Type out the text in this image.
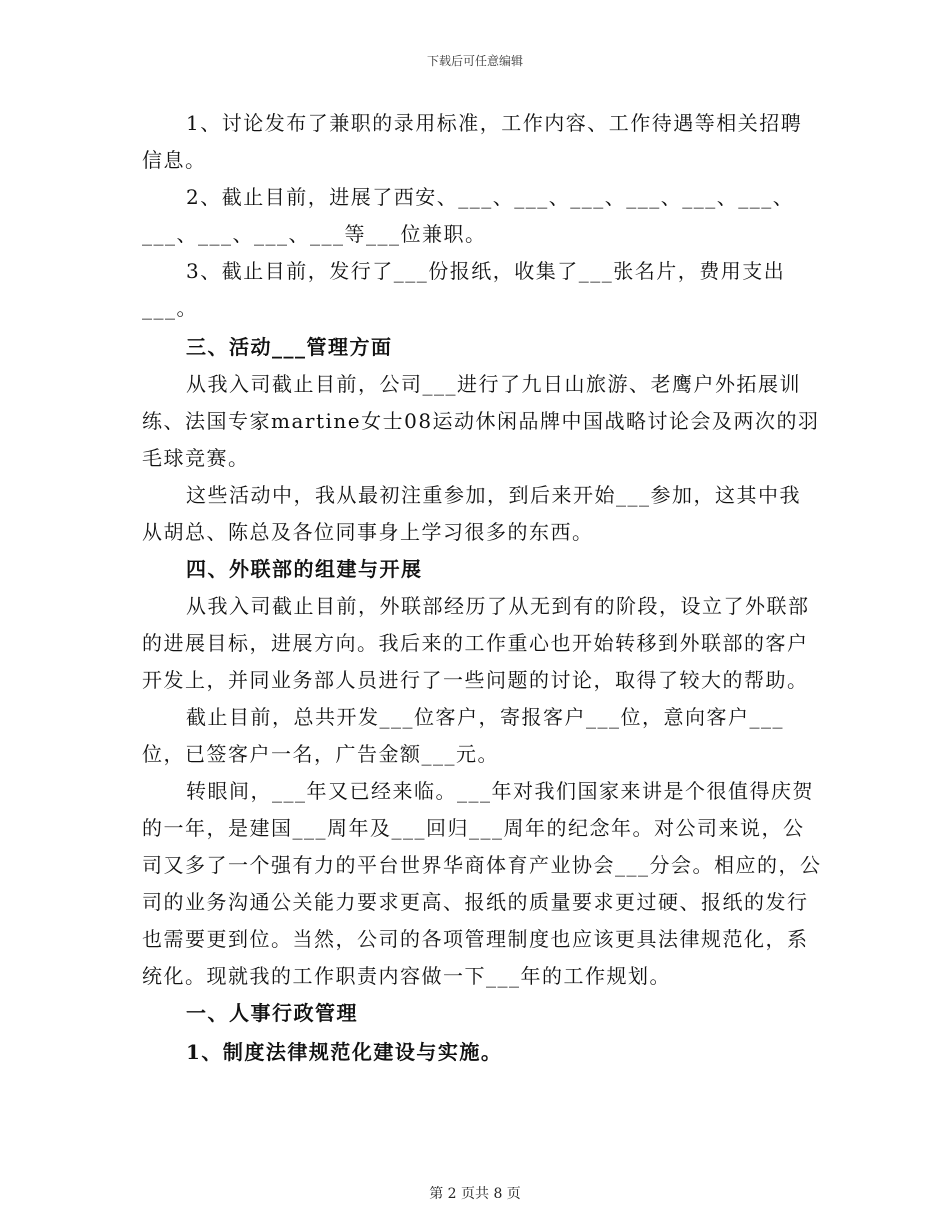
下载后可任意编辑

1、讨论发布了兼职的录用标准，工作内容、工作待遇等相关招聘信息。

2、截止目前，进展了西安、___、___、___、___、___、___、___、___、___、___等___位兼职。

3、截止目前，发行了___份报纸，收集了___张名片，费用支出___。

三、活动___管理方面

从我入司截止目前，公司___进行了九日山旅游、老鹰户外拓展训练、法国专家martine女士08运动休闲品牌中国战略讨论会及两次的羽毛球竞赛。

这些活动中，我从最初注重参加，到后来开始___参加，这其中我从胡总、陈总及各位同事身上学习很多的东西。

四、外联部的组建与开展

从我入司截止目前，外联部经历了从无到有的阶段，设立了外联部的进展目标，进展方向。我后来的工作重心也开始转移到外联部的客户开发上，并同业务部人员进行了一些问题的讨论，取得了较大的帮助。

截止目前，总共开发___位客户，寄报客户___位，意向客户___位，已签客户一名，广告金额___元。

转眼间，___年又已经来临。___年对我们国家来讲是个很值得庆贺的一年，是建国___周年及___回归___周年的纪念年。对公司来说，公司又多了一个强有力的平台世界华商体育产业协会___分会。相应的，公司的业务沟通公关能力要求更高、报纸的质量要求更过硬、报纸的发行也需要更到位。当然，公司的各项管理制度也应该更具法律规范化，系统化。现就我的工作职责内容做一下___年的工作规划。

一、人事行政管理

1、制度法律规范化建设与实施。

第 2 页共 8 页
